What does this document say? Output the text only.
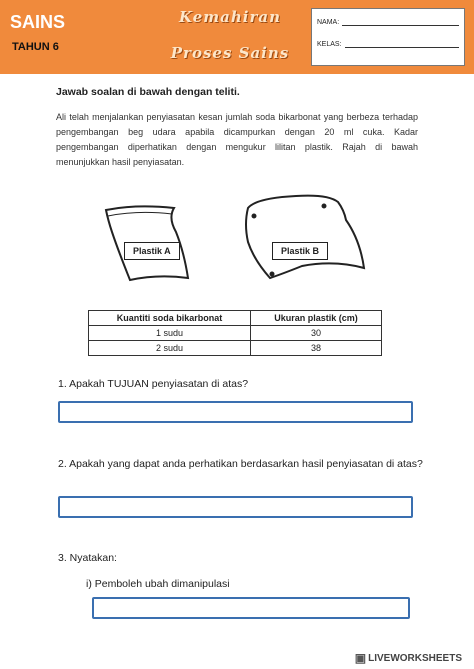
SAINS
TAHUN 6
Kemahiran
Proses Sains
NAMA:
KELAS:
Jawab soalan di bawah dengan teliti.
Ali telah menjalankan penyiasatan kesan jumlah soda bikarbonat yang berbeza terhadap pengembangan beg udara apabila dicampurkan dengan 20 ml cuka. Kadar pengembangan diperhatikan dengan mengukur lilitan plastik. Rajah di bawah menunjukkan hasil penyiasatan.
Plastik A	Plastik B
Kuantiti soda bikarbonat	Ukuran plastik (cm)
1 sudu	30
2 sudu	38
1. Apakah TUJUAN penyiasatan di atas?
2. Apakah yang dapat anda perhatikan berdasarkan hasil penyiasatan di atas?
3. Nyatakan:
i) Pemboleh ubah dimanipulasi
▣ LIVEWORKSHEETS
